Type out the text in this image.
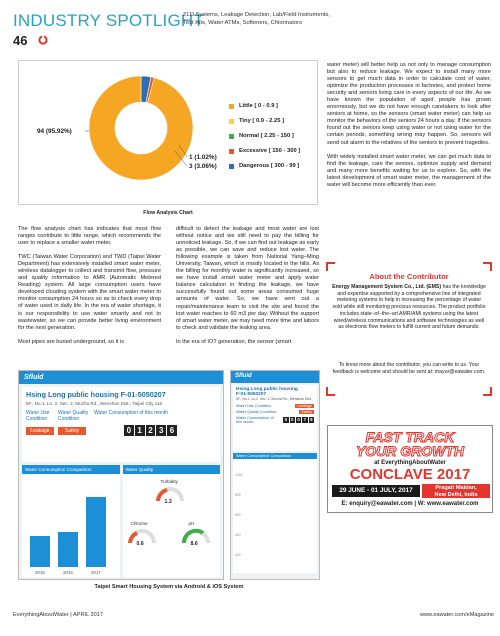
INDUSTRY SPOTLIGHT
ZLD Systems, Leakage Detection, Lab/Field Instruments,
Test Kits, Water ATMs, Softeners, Chlorinators
46
94 (95.92%)
1 (1.02%)
3 (3.06%)
Little [ 0 - 0.9 ]
Tiny [ 0.9 - 2.25 ]
Normal [ 2.25 - 150 ]
Excessive [ 150 - 300 ]
Dangerous [ 300 - 99 ]
Flow Analysis Chart

The flow analysis chart has indicates that most flow ranges contribute to little range, which recommends the user to replace a smaller water meter.

TWC (Taiwan Water Corporation) and TWD (Taipei Water Department) has extensively installed smart water meter, wireless datalogger to collect and transmit flow, pressure and quality information to AMR (Automatic Metered Reading) system. All large consumption users have developed clouding system with the smart water meter to monitor consumption 24 hours so as to check every drop of water used in daily life. In the era of water shortage, it is our responsibility to use water smartly and not to wastewater, so we can provide better living environment for the next generation.

Most pipes are buried underground, so it is

difficult to detect the leakage and most water are lost without notice and we still need to pay the billing for unnoticed leakage. So, if we can find out leakage as early as possible, we can save and reduce lost water. The following example is taken from National Yang–Ming University, Taiwan, which is mostly located in the hills. As the billing for monthly water is significantly increased, so we have install smart water meter and apply water balance calculation in finding the leakage, we have successfully found out some areas consumed huge amounts of water. So, we have sent out a repair/maintenance team to visit the site and found the lost water reaches to 60 m3 per day. Without the support of smart water meter, we may need more time and labors to check and validate the leaking area.

In the era of IOT generation, the sensor (smart

water meter) will better help us not only to manage consumption but also to reduce leakage. We expect to install many more sensors to get much data in order to calculate cost of water, optimize the production processes in factories, and protect home security and seniors living care in every aspects of our life. As we have known the population of aged people has grown enormously, but we do not have enough caretakers to look after seniors at home, so the sensors (smart water meter) can help us monitor the behaviors of the seniors 24 hours a day. If the sensors found out the seniors keep using water or not using water for the certain periods, something wrong may happen. So, sensors will send out alarm to the relatives of the seniors to prevent tragedies.

With widely installed smart water meter, we can get much data to find the leakage, care the seniors, optimize supply and demand and many more benefits waiting for us to explore. So, with the latest development of smart water meter, the management of the water will become more efficiently than ever.

About the Contributor
Energy Management System Co., Ltd. (EMS) has the knowledge and expertise supported by a comprehensive line of integrated metering systems to help in increasing the percentage of water sold while still monitoring precious resources. The product portfolio includes state–of–the–art AMR/AMI systems using the latest wired/wireless communications and software technologies as well as electronic flow meters to fulfill current and future demands.
To know more about the contributor, you can write to us. Your feedback is welcome and should be sent at: mayur@eawater.com.
FAST TRACK
YOUR GROWTH
at EverythingAboutWater
CONCLAVE 2017
29 JUNE - 01 JULY, 2017	Pragati Maidan,
New Delhi, India
E: enquiry@eawater.com | W: www.eawater.com
Sfluid
Hsing Long public housing F-01-5050207
5F., No.1, Ln. 2, Sec. 2, Muzha Rd., Wenshan Dist., Taipei City 116
Water Use Condition
Water Quality Condition
Water Consumption of this month
Leakage	Safety	0 1 2 3 6
Water Consumption Comparison
2015	2016	2017
Water Quality
Turbidity
1.3
Chlorine
0.6
pH
8.6
Sfluid
Hsing Long public housing
F-01-5050207
5F., No.1, Ln.2, Sec. 2, Muzha Rd., Wenshan Dist.,
Water Use Condition	Leakage
Water Quality Condition	Safety
Water Consumption of this month
0 0 0 7 8
Water Consumption Comparison
1000
800
600
400
200
Taipei Smart Housing System via Android & iOS System
EverythingAboutWater | APRIL 2017	www.eawater.com/eMagazine
